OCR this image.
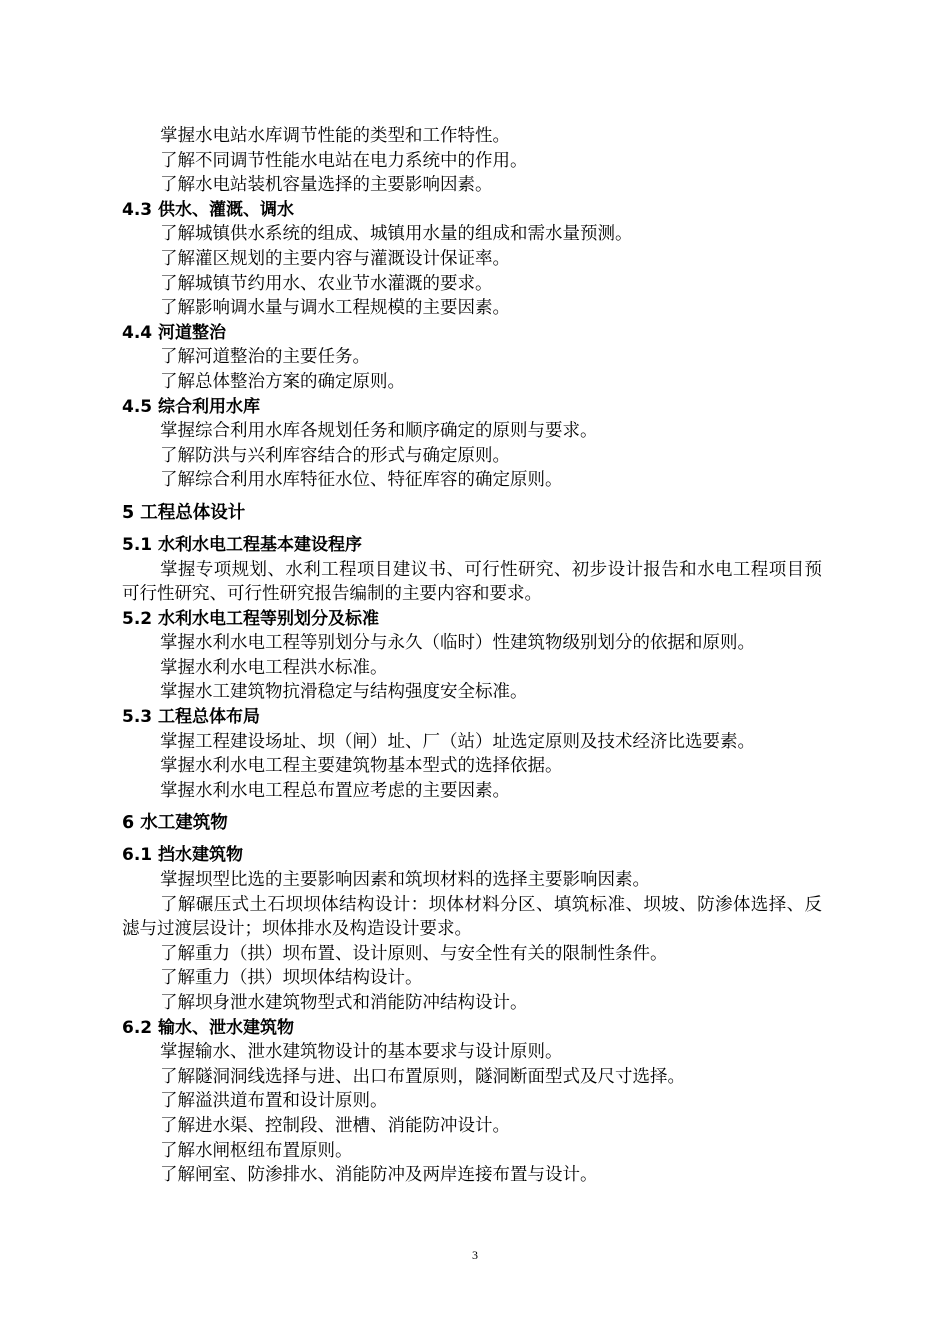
掌握水电站水库调节性能的类型和工作特性。
了解不同调节性能水电站在电力系统中的作用。
了解水电站装机容量选择的主要影响因素。
4.3 供水、灌溉、调水
了解城镇供水系统的组成、城镇用水量的组成和需水量预测。
了解灌区规划的主要内容与灌溉设计保证率。
了解城镇节约用水、农业节水灌溉的要求。
了解影响调水量与调水工程规模的主要因素。
4.4 河道整治
了解河道整治的主要任务。
了解总体整治方案的确定原则。
4.5 综合利用水库
掌握综合利用水库各规划任务和顺序确定的原则与要求。
了解防洪与兴利库容结合的形式与确定原则。
了解综合利用水库特征水位、特征库容的确定原则。
5 工程总体设计
5.1 水利水电工程基本建设程序
掌握专项规划、水利工程项目建议书、可行性研究、初步设计报告和水电工程项目预可行性研究、可行性研究报告编制的主要内容和要求。
5.2 水利水电工程等别划分及标准
掌握水利水电工程等别划分与永久（临时）性建筑物级别划分的依据和原则。
掌握水利水电工程洪水标准。
掌握水工建筑物抗滑稳定与结构强度安全标准。
5.3 工程总体布局
掌握工程建设场址、坝（闸）址、厂（站）址选定原则及技术经济比选要素。
掌握水利水电工程主要建筑物基本型式的选择依据。
掌握水利水电工程总布置应考虑的主要因素。
6 水工建筑物
6.1 挡水建筑物
掌握坝型比选的主要影响因素和筑坝材料的选择主要影响因素。
了解碾压式土石坝坝体结构设计：坝体材料分区、填筑标准、坝坡、防渗体选择、反滤与过渡层设计；坝体排水及构造设计要求。
了解重力（拱）坝布置、设计原则、与安全性有关的限制性条件。
了解重力（拱）坝坝体结构设计。
了解坝身泄水建筑物型式和消能防冲结构设计。
6.2 输水、泄水建筑物
掌握输水、泄水建筑物设计的基本要求与设计原则。
了解隧洞洞线选择与进、出口布置原则，隧洞断面型式及尺寸选择。
了解溢洪道布置和设计原则。
了解进水渠、控制段、泄槽、消能防冲设计。
了解水闸枢纽布置原则。
了解闸室、防渗排水、消能防冲及两岸连接布置与设计。
3
